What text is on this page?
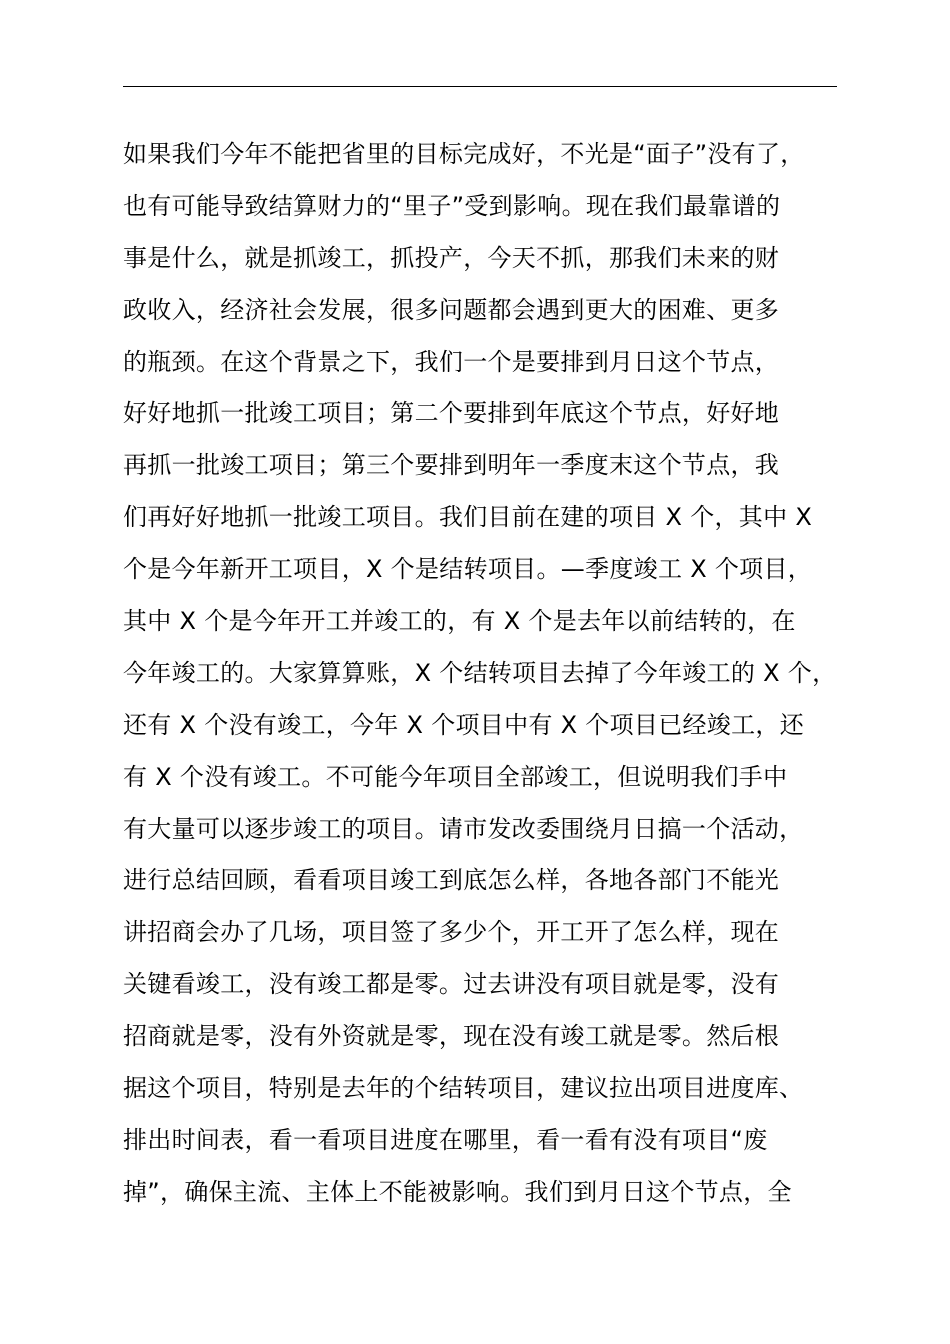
如果我们今年不能把省里的目标完成好，不光是“面子”没有了，
也有可能导致结算财力的“里子”受到影响。现在我们最靠谱的
事是什么，就是抓竣工，抓投产，今天不抓，那我们未来的财
政收入，经济社会发展，很多问题都会遇到更大的困难、更多
的瓶颈。在这个背景之下，我们一个是要排到月日这个节点，
好好地抓一批竣工项目；第二个要排到年底这个节点，好好地
再抓一批竣工项目；第三个要排到明年一季度末这个节点，我
们再好好地抓一批竣工项目。我们目前在建的项目 X 个，其中 X
个是今年新开工项目，X 个是结转项目。—季度竣工 X 个项目，
其中 X 个是今年开工并竣工的，有 X 个是去年以前结转的，在
今年竣工的。大家算算账，X 个结转项目去掉了今年竣工的 X 个，
还有 X 个没有竣工，今年 X 个项目中有 X 个项目已经竣工，还
有 X 个没有竣工。不可能今年项目全部竣工，但说明我们手中
有大量可以逐步竣工的项目。请市发改委围绕月日搞一个活动，
进行总结回顾，看看项目竣工到底怎么样，各地各部门不能光
讲招商会办了几场，项目签了多少个，开工开了怎么样，现在
关键看竣工，没有竣工都是零。过去讲没有项目就是零，没有
招商就是零，没有外资就是零，现在没有竣工就是零。然后根
据这个项目，特别是去年的个结转项目，建议拉出项目进度库、
排出时间表，看一看项目进度在哪里，看一看有没有项目“废
掉”，确保主流、主体上不能被影响。我们到月日这个节点，全
